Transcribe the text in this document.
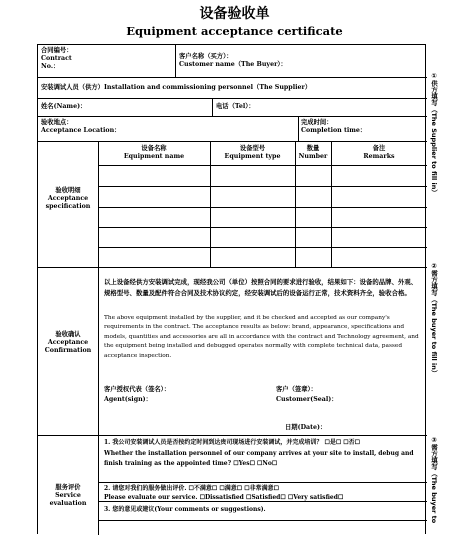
设备验收单
Equipment acceptance certificate
合同编号：
Contract
No.：
客户名称（买方）：
Customer name（The Buyer）：
安装调试人员（供方）Installation and commissioning personnel（The Supplier）
姓名(Name)：	电话（Tel）：
验收地点：
Acceptance Location：
完成时间：
Completion time：
验收明细
Acceptance
specification
设备名称
Equipment name
设备型号
Equipment type
数量
Number
备注
Remarks
验收确认
Acceptance
Confirmation
以上设备经供方安装调试完成，现经我公司（单位）按照合同的要求进行验收，结果如下：设备的品牌、外观、规格型号、数量及配件符合合同及技术协议约定，经安装调试后的设备运行正常，技术资料齐全，验收合格。
The above equipment installed by the supplier, and it be checked and accepted as our company's requirements in the contract. The acceptance results as below: brand, appearance, specifications and models, quantities and accessories are all in accordance with the contract and Technology agreement, and the equipment being installed and debugged operates normally with complete technical data, passed acceptance inspection.
客户授权代表（签名）：
Agent(sign)：
客户（签章）：
Customer(Seal)：
日期(Date)：
服务评价
Service
evaluation
1. 我公司安装调试人员是否按约定时间到达贵司现场进行安装调试，并完成培训？ ☐是☐ ☐否☐
Whether the installation personnel of our company arrives at your site to install, debug and finish training as the appointed time? ☐Yes☐ ☐No☐
2. 请您对我们的服务做出评价. ☐不满意☐ ☐满意☐ ☐非常满意☐
Please evaluate our service. ☐Dissatisfied ☐Satisfied☐ ☐Very satisfied☐
3. 您的意见或建议(Your comments or suggestions).
①供方填写（The Supplier to fill in）
②需方填写（The buyer to fill in）
③需方填写（The buyer to
